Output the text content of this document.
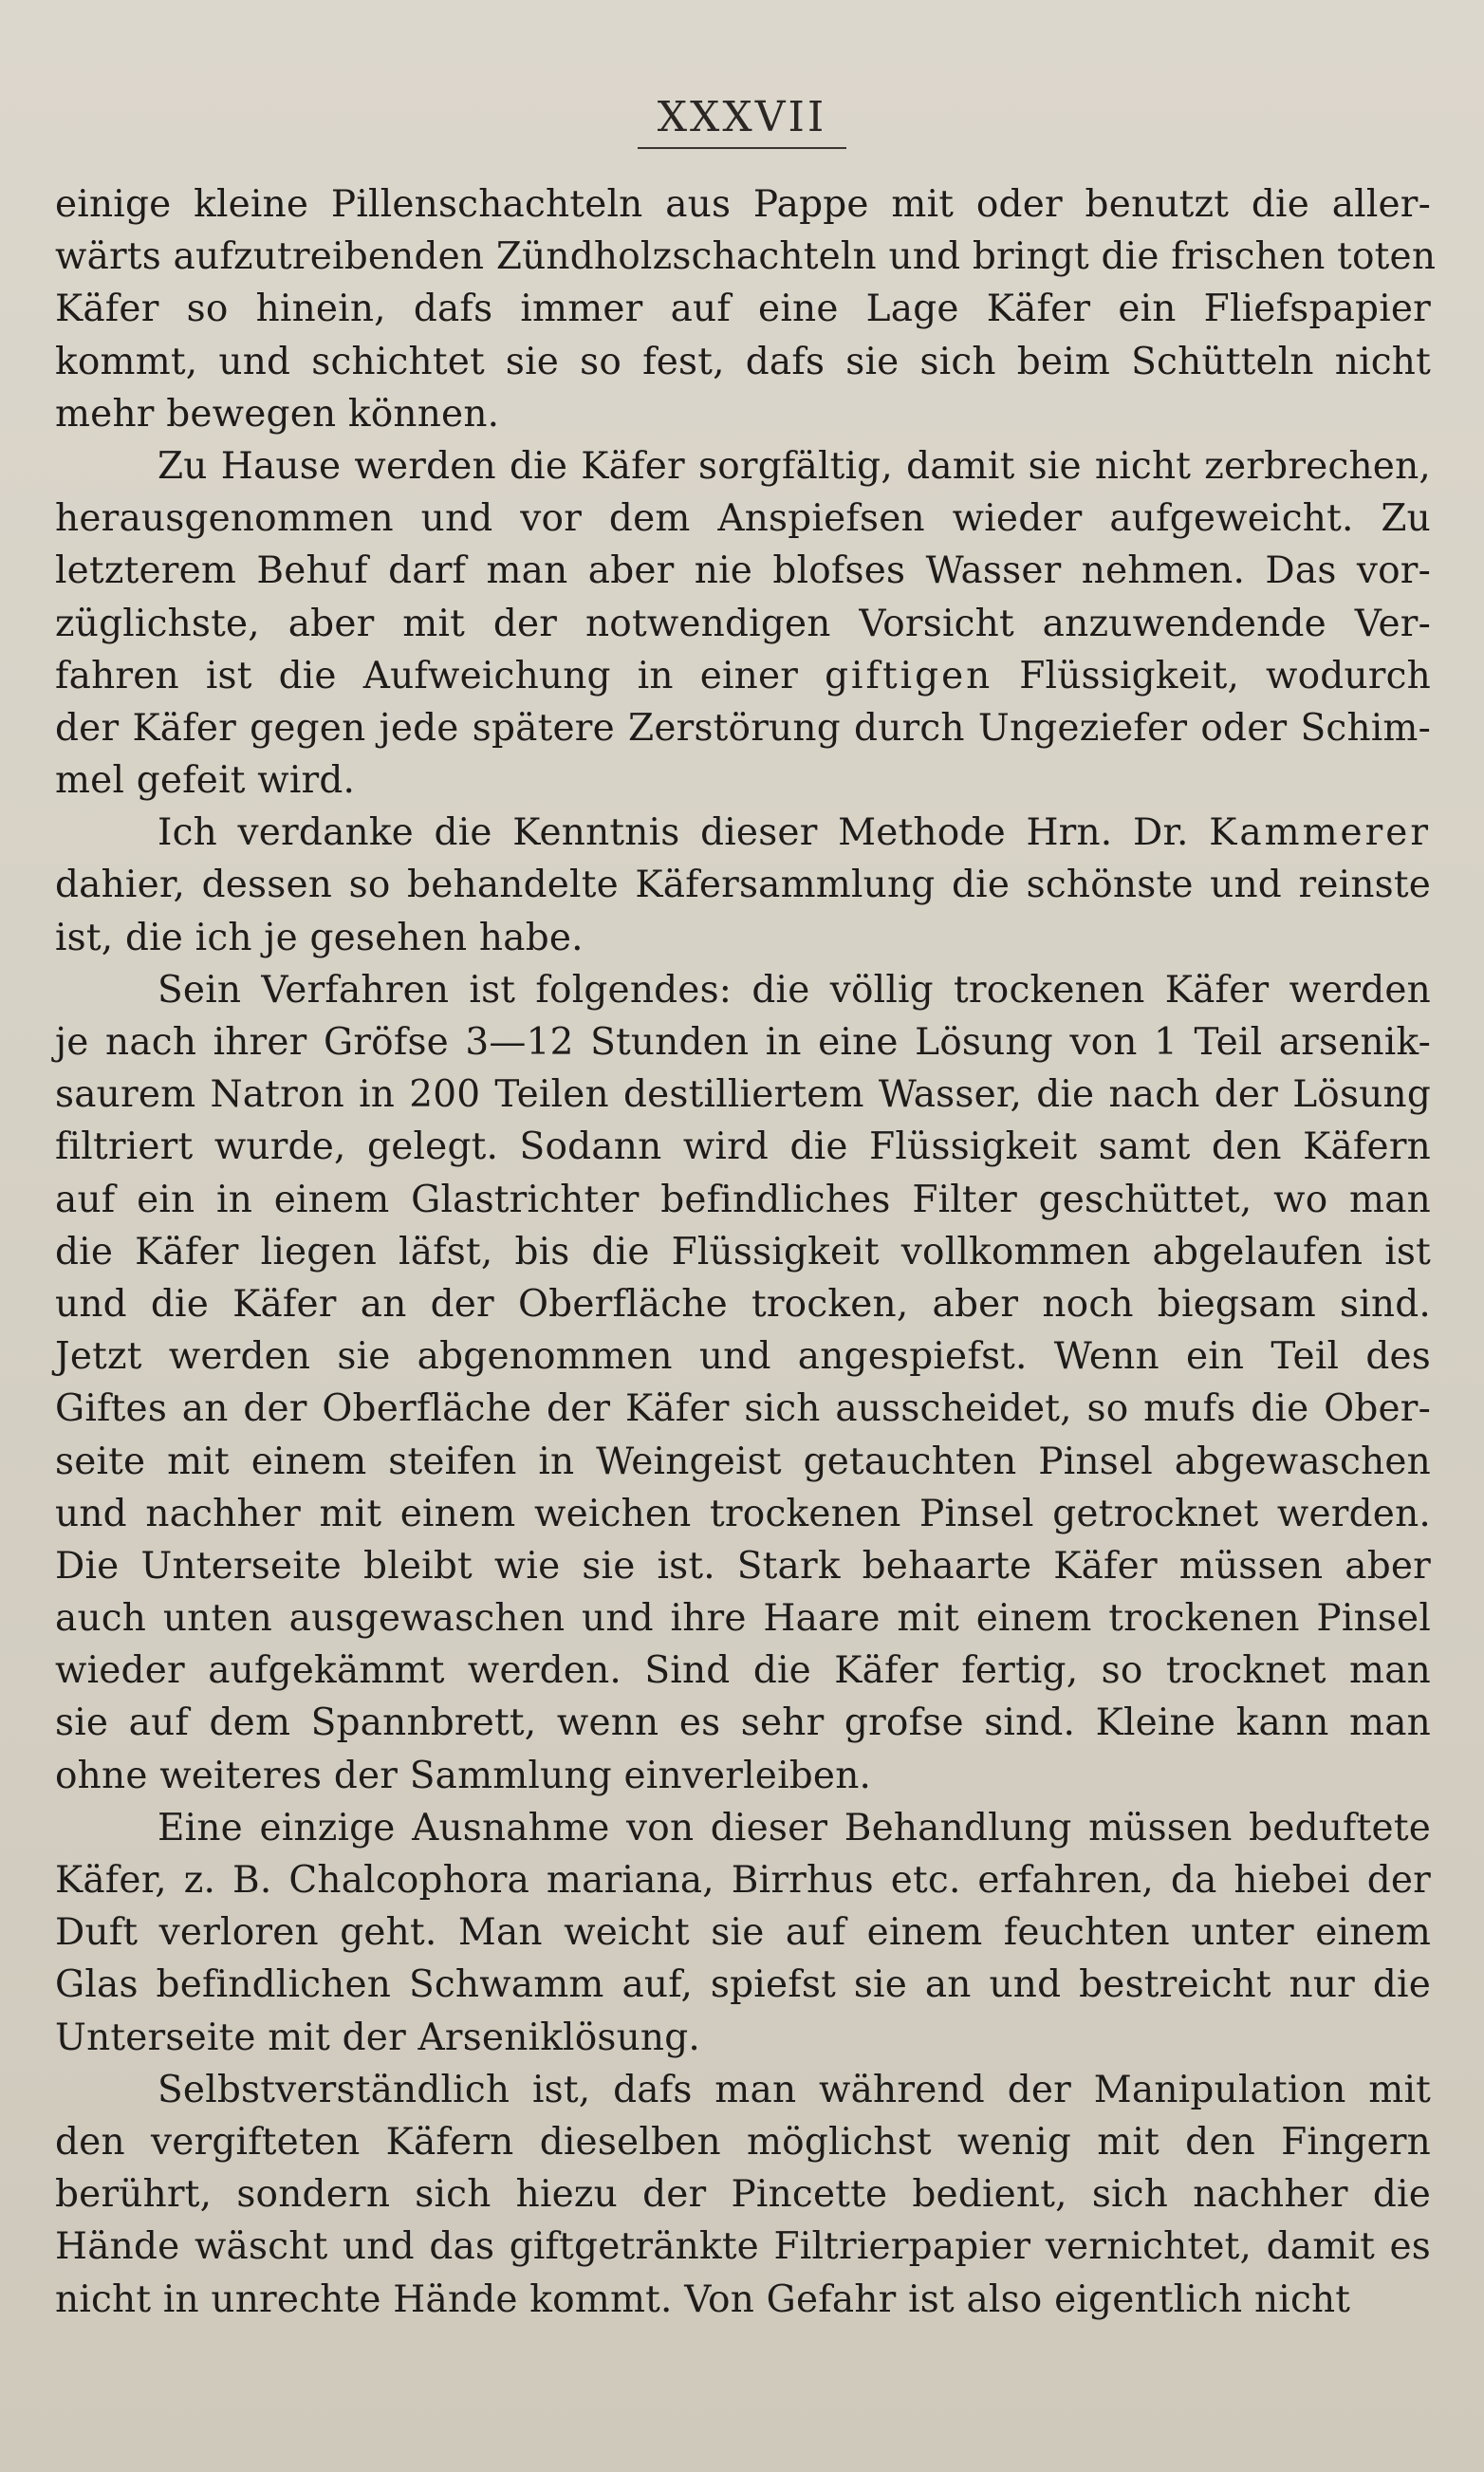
XXXVII
einige kleine Pillenschachteln aus Pappe mit oder benutzt die aller-
wärts aufzutreibenden Zündholzschachteln und bringt die frischen toten
Käfer so hinein, dafs immer auf eine Lage Käfer ein Fliefspapier
kommt, und schichtet sie so fest, dafs sie sich beim Schütteln nicht
mehr bewegen können.
Zu Hause werden die Käfer sorgfältig, damit sie nicht zerbrechen,
herausgenommen und vor dem Anspiefsen wieder aufgeweicht. Zu
letzterem Behuf darf man aber nie blofses Wasser nehmen. Das vor-
züglichste, aber mit der notwendigen Vorsicht anzuwendende Ver-
fahren ist die Aufweichung in einer giftigen Flüssigkeit, wodurch
der Käfer gegen jede spätere Zerstörung durch Ungeziefer oder Schim-
mel gefeit wird.
Ich verdanke die Kenntnis dieser Methode Hrn. Dr. Kammerer
dahier, dessen so behandelte Käfersammlung die schönste und reinste
ist, die ich je gesehen habe.
Sein Verfahren ist folgendes: die völlig trockenen Käfer werden
je nach ihrer Gröfse 3—12 Stunden in eine Lösung von 1 Teil arsenik-
saurem Natron in 200 Teilen destilliertem Wasser, die nach der Lösung
filtriert wurde, gelegt. Sodann wird die Flüssigkeit samt den Käfern
auf ein in einem Glastrichter befindliches Filter geschüttet, wo man
die Käfer liegen läfst, bis die Flüssigkeit vollkommen abgelaufen ist
und die Käfer an der Oberfläche trocken, aber noch biegsam sind.
Jetzt werden sie abgenommen und angespiefst. Wenn ein Teil des
Giftes an der Oberfläche der Käfer sich ausscheidet, so mufs die Ober-
seite mit einem steifen in Weingeist getauchten Pinsel abgewaschen
und nachher mit einem weichen trockenen Pinsel getrocknet werden.
Die Unterseite bleibt wie sie ist. Stark behaarte Käfer müssen aber
auch unten ausgewaschen und ihre Haare mit einem trockenen Pinsel
wieder aufgekämmt werden. Sind die Käfer fertig, so trocknet man
sie auf dem Spannbrett, wenn es sehr grofse sind. Kleine kann man
ohne weiteres der Sammlung einverleiben.
Eine einzige Ausnahme von dieser Behandlung müssen beduftete
Käfer, z. B. Chalcophora mariana, Birrhus etc. erfahren, da hiebei der
Duft verloren geht. Man weicht sie auf einem feuchten unter einem
Glas befindlichen Schwamm auf, spiefst sie an und bestreicht nur die
Unterseite mit der Arseniklösung.
Selbstverständlich ist, dafs man während der Manipulation mit
den vergifteten Käfern dieselben möglichst wenig mit den Fingern
berührt, sondern sich hiezu der Pincette bedient, sich nachher die
Hände wäscht und das giftgetränkte Filtrierpapier vernichtet, damit es
nicht in unrechte Hände kommt. Von Gefahr ist also eigentlich nicht
